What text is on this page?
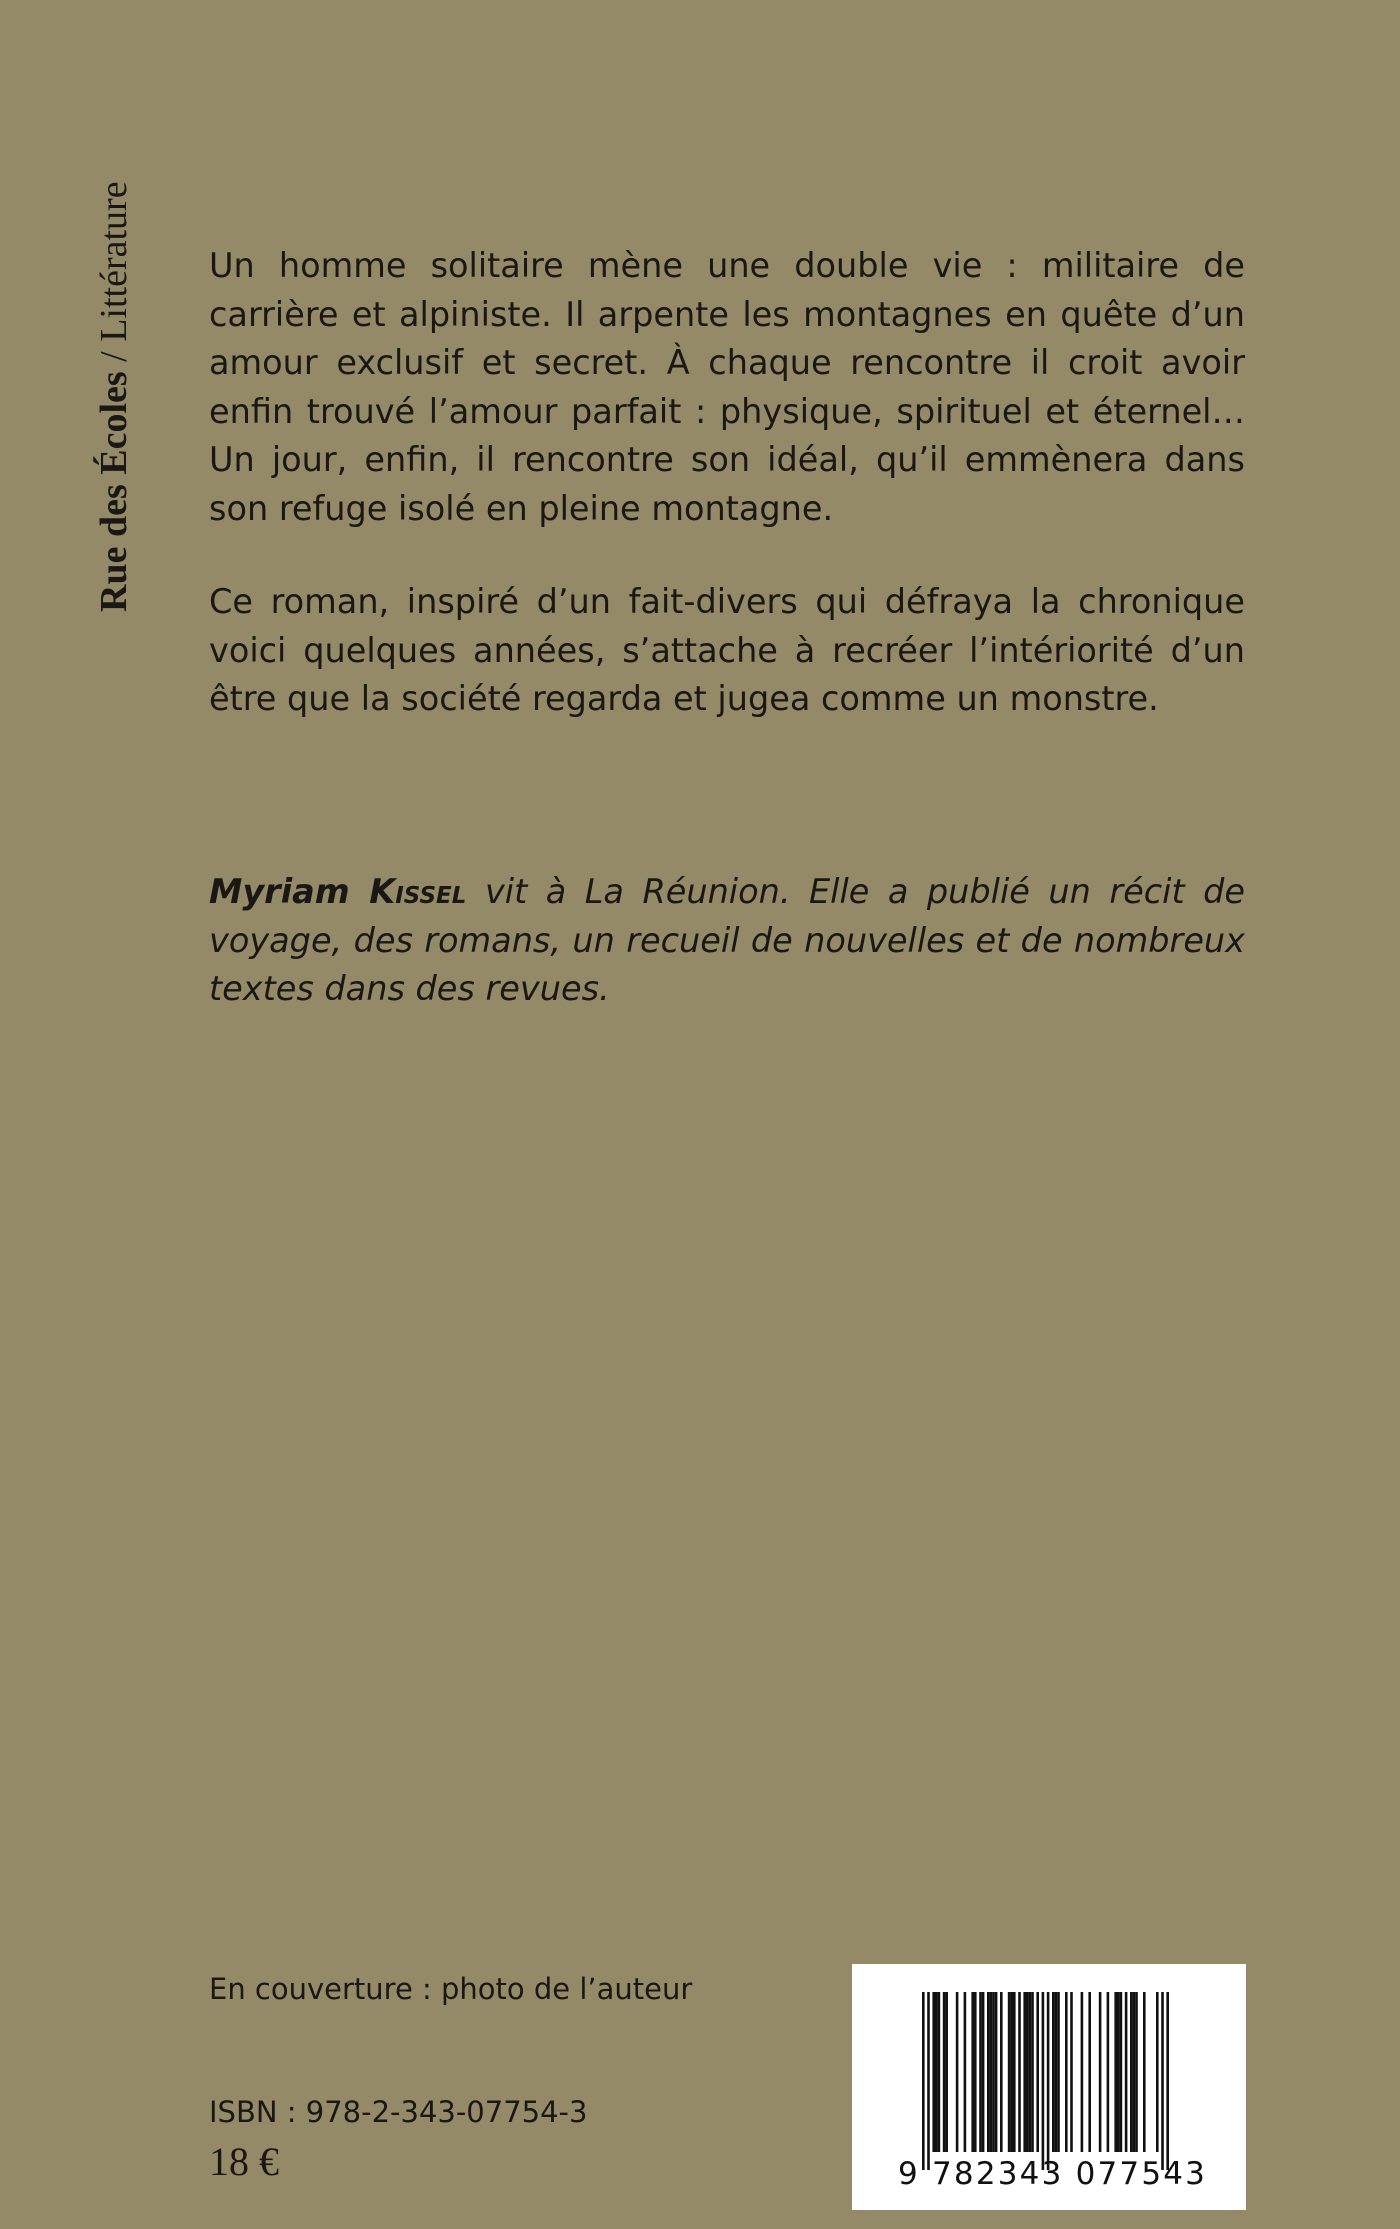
Rue des Écoles / Littérature Un homme solitaire mène une double vie : militaire de
carrière et alpiniste. Il arpente les montagnes en quête d’un
amour exclusif et secret. À chaque rencontre il croit avoir
enfin trouvé l’amour parfait : physique, spirituel et éternel…
Un jour, enfin, il rencontre son idéal, qu’il emmènera dans
son refuge isolé en pleine montagne.
Ce roman, inspiré d’un fait-divers qui défraya la chronique
voici quelques années, s’attache à recréer l’intériorité d’un
être que la société regarda et jugea comme un monstre.
Myriam Kissel vit à La Réunion. Elle a publié un récit de
voyage, des romans, un recueil de nouvelles et de nombreux
textes dans des revues.
En couverture : photo de l’auteur
ISBN : 978-2-343-07754-3
18 €	9 782343 077543
